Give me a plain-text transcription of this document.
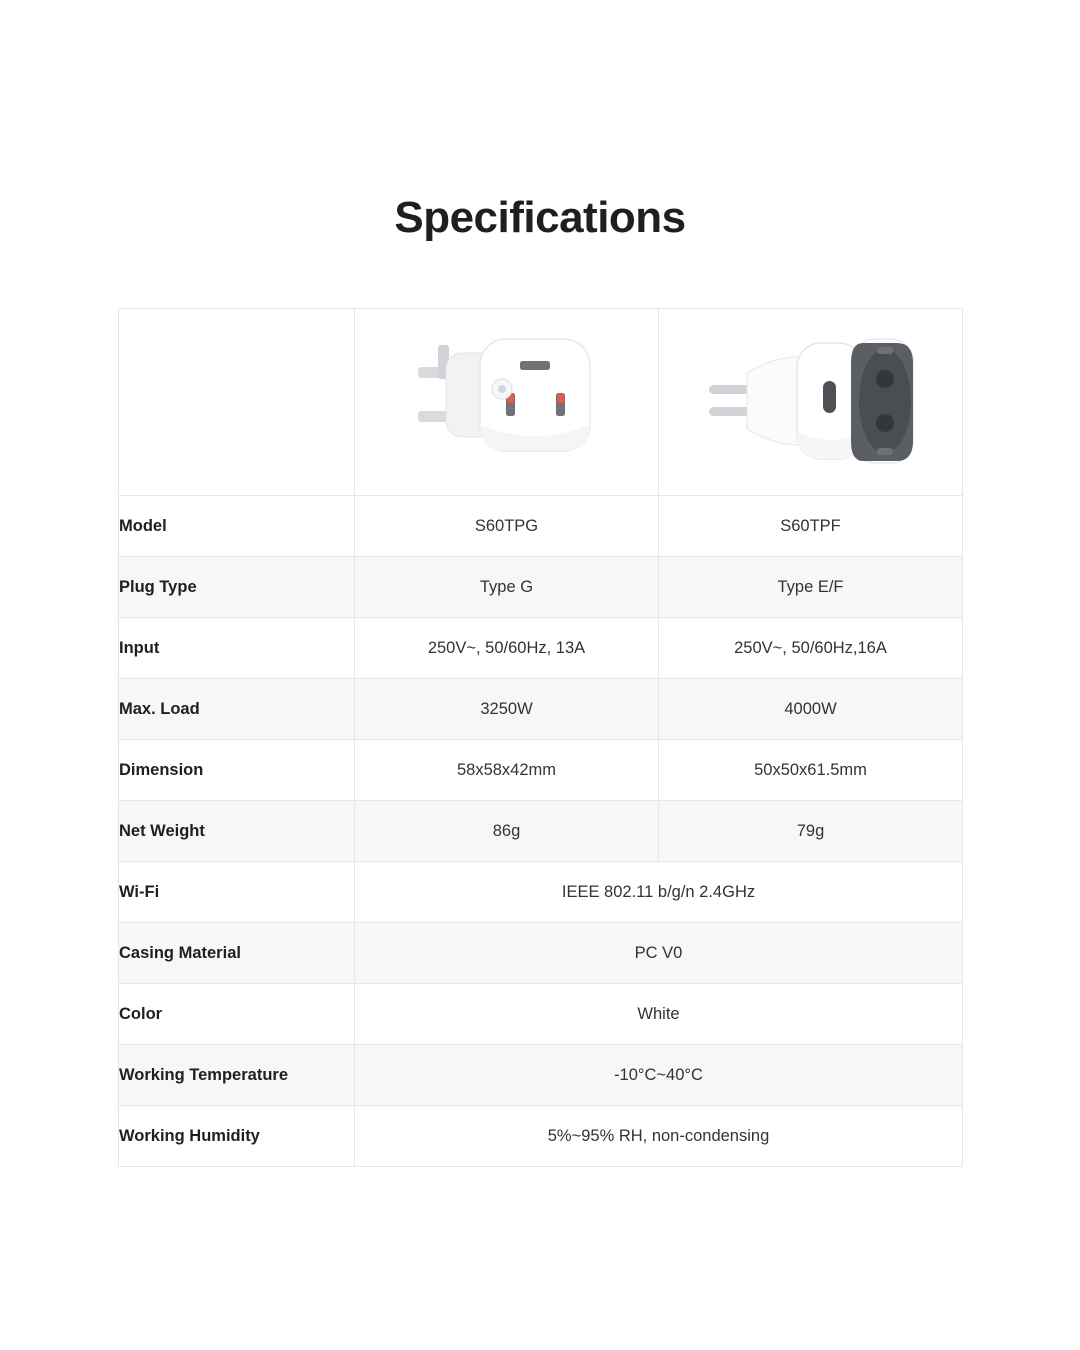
Specifications

Model	S60TPG	S60TPF
Plug Type	Type G	Type E/F
Input	250V~, 50/60Hz, 13A	250V~, 50/60Hz,16A
Max. Load	3250W	4000W
Dimension	58x58x42mm	50x50x61.5mm
Net Weight	86g	79g
Wi-Fi	IEEE 802.11 b/g/n 2.4GHz	
Casing Material	PC V0	
Color	White	
Working Temperature	-10°C~40°C	
Working Humidity	5%~95% RH, non-condensing	
